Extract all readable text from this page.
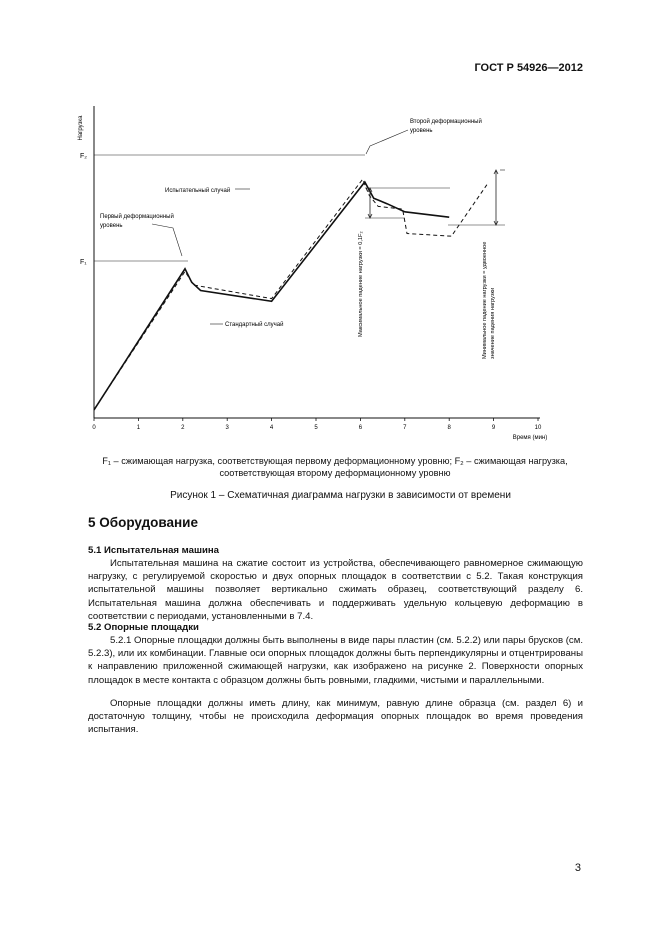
ГОСТ Р 54926—2012
Нагрузка
Время (мин)
0	1	2	3	4	5	6	7	8	9	10
F₂
F₁
Второй деформационный уровень
Испытательный случай
Первый деформационный уровень
Стандартный случай	Максимальное падение нагрузки = 0,1F₂	Минимальное падение нагрузки = удвоенное значение падения нагрузки
F₁ – сжимающая нагрузка, соответствующая первому деформационному уровню; F₂ – сжимающая нагрузка,
соответствующая второму деформационному уровню
Рисунок 1 – Схематичная диаграмма нагрузки в зависимости от времени
5 Оборудование
5.1 Испытательная машина
Испытательная машина на сжатие состоит из устройства, обеспечивающего равномерное сжимающую нагрузку, с регулируемой скоростью и двух опорных площадок в соответствии с 5.2. Такая конструкция испытательной машины позволяет вертикально сжимать образец, соответствующий разделу 6. Испытательная машина должна обеспечивать и поддерживать удельную кольцевую деформацию в соответствии с периодами, установленными в 7.4.
5.2 Опорные площадки
5.2.1 Опорные площадки должны быть выполнены в виде пары пластин (см. 5.2.2) или пары брусков (см. 5.2.3), или их комбинации. Главные оси опорных площадок должны быть перпендикулярны и отцентрированы к направлению приложенной сжимающей нагрузки, как изображено на рисунке 2. Поверхности опорных площадок в месте контакта с образцом должны быть ровными, гладкими, чистыми и параллельными.
Опорные площадки должны иметь длину, как минимум, равную длине образца (см. раздел 6) и достаточную толщину, чтобы не происходила деформация опорных площадок во время проведения испытания.
3
